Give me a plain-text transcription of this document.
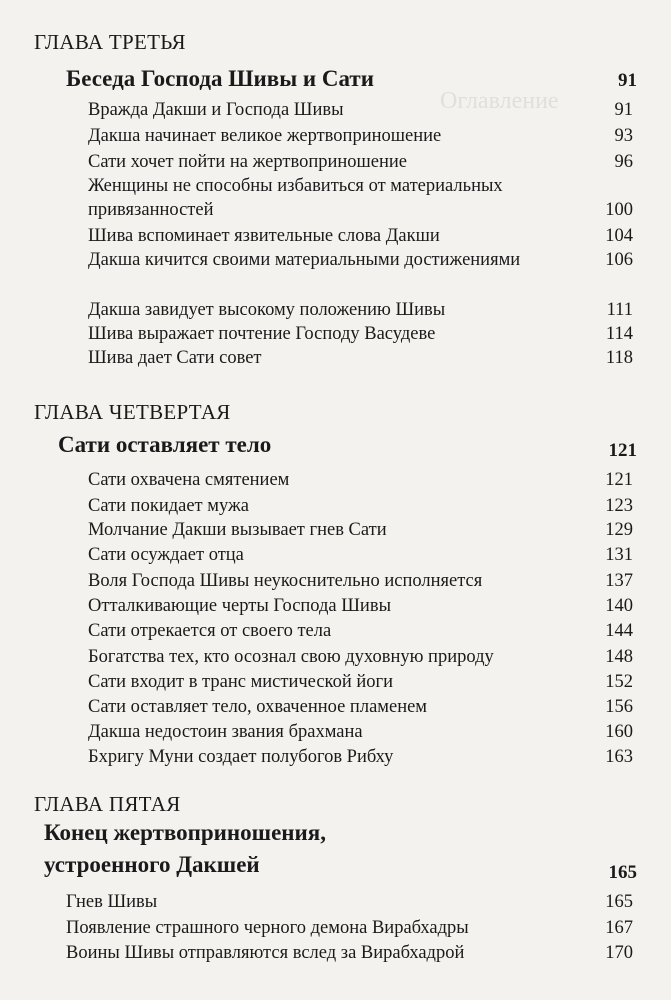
Оглавление
ГЛАВА ТРЕТЬЯ
Беседа Господа Шивы и Сати	91
Вражда Дакши и Господа Шивы	91
Дакша начинает великое жертвоприношение	93
Сати хочет пойти на жертвоприношение	96
Женщины не способны избавиться от материальных привязанностей	100
Шива вспоминает язвительные слова Дакши	104
Дакша кичится своими материальными достижениями	106
Дакша завидует высокому положению Шивы	111
Шива выражает почтение Господу Васудеве	114
Шива дает Сати совет	118
ГЛАВА ЧЕТВЕРТАЯ
Сати оставляет тело	121
Сати охвачена смятением	121
Сати покидает мужа	123
Молчание Дакши вызывает гнев Сати	129
Сати осуждает отца	131
Воля Господа Шивы неукоснительно исполняется	137
Отталкивающие черты Господа Шивы	140
Сати отрекается от своего тела	144
Богатства тех, кто осознал свою духовную природу	148
Сати входит в транс мистической йоги	152
Сати оставляет тело, охваченное пламенем	156
Дакша недостоин звания брахмана	160
Бхригу Муни создает полубогов Рибху	163
ГЛАВА ПЯТАЯ
Конец жертвоприношения,
устроенного Дакшей	165
Гнев Шивы	165
Появление страшного черного демона Вирабхадры	167
Воины Шивы отправляются вслед за Вирабхадрой	170
